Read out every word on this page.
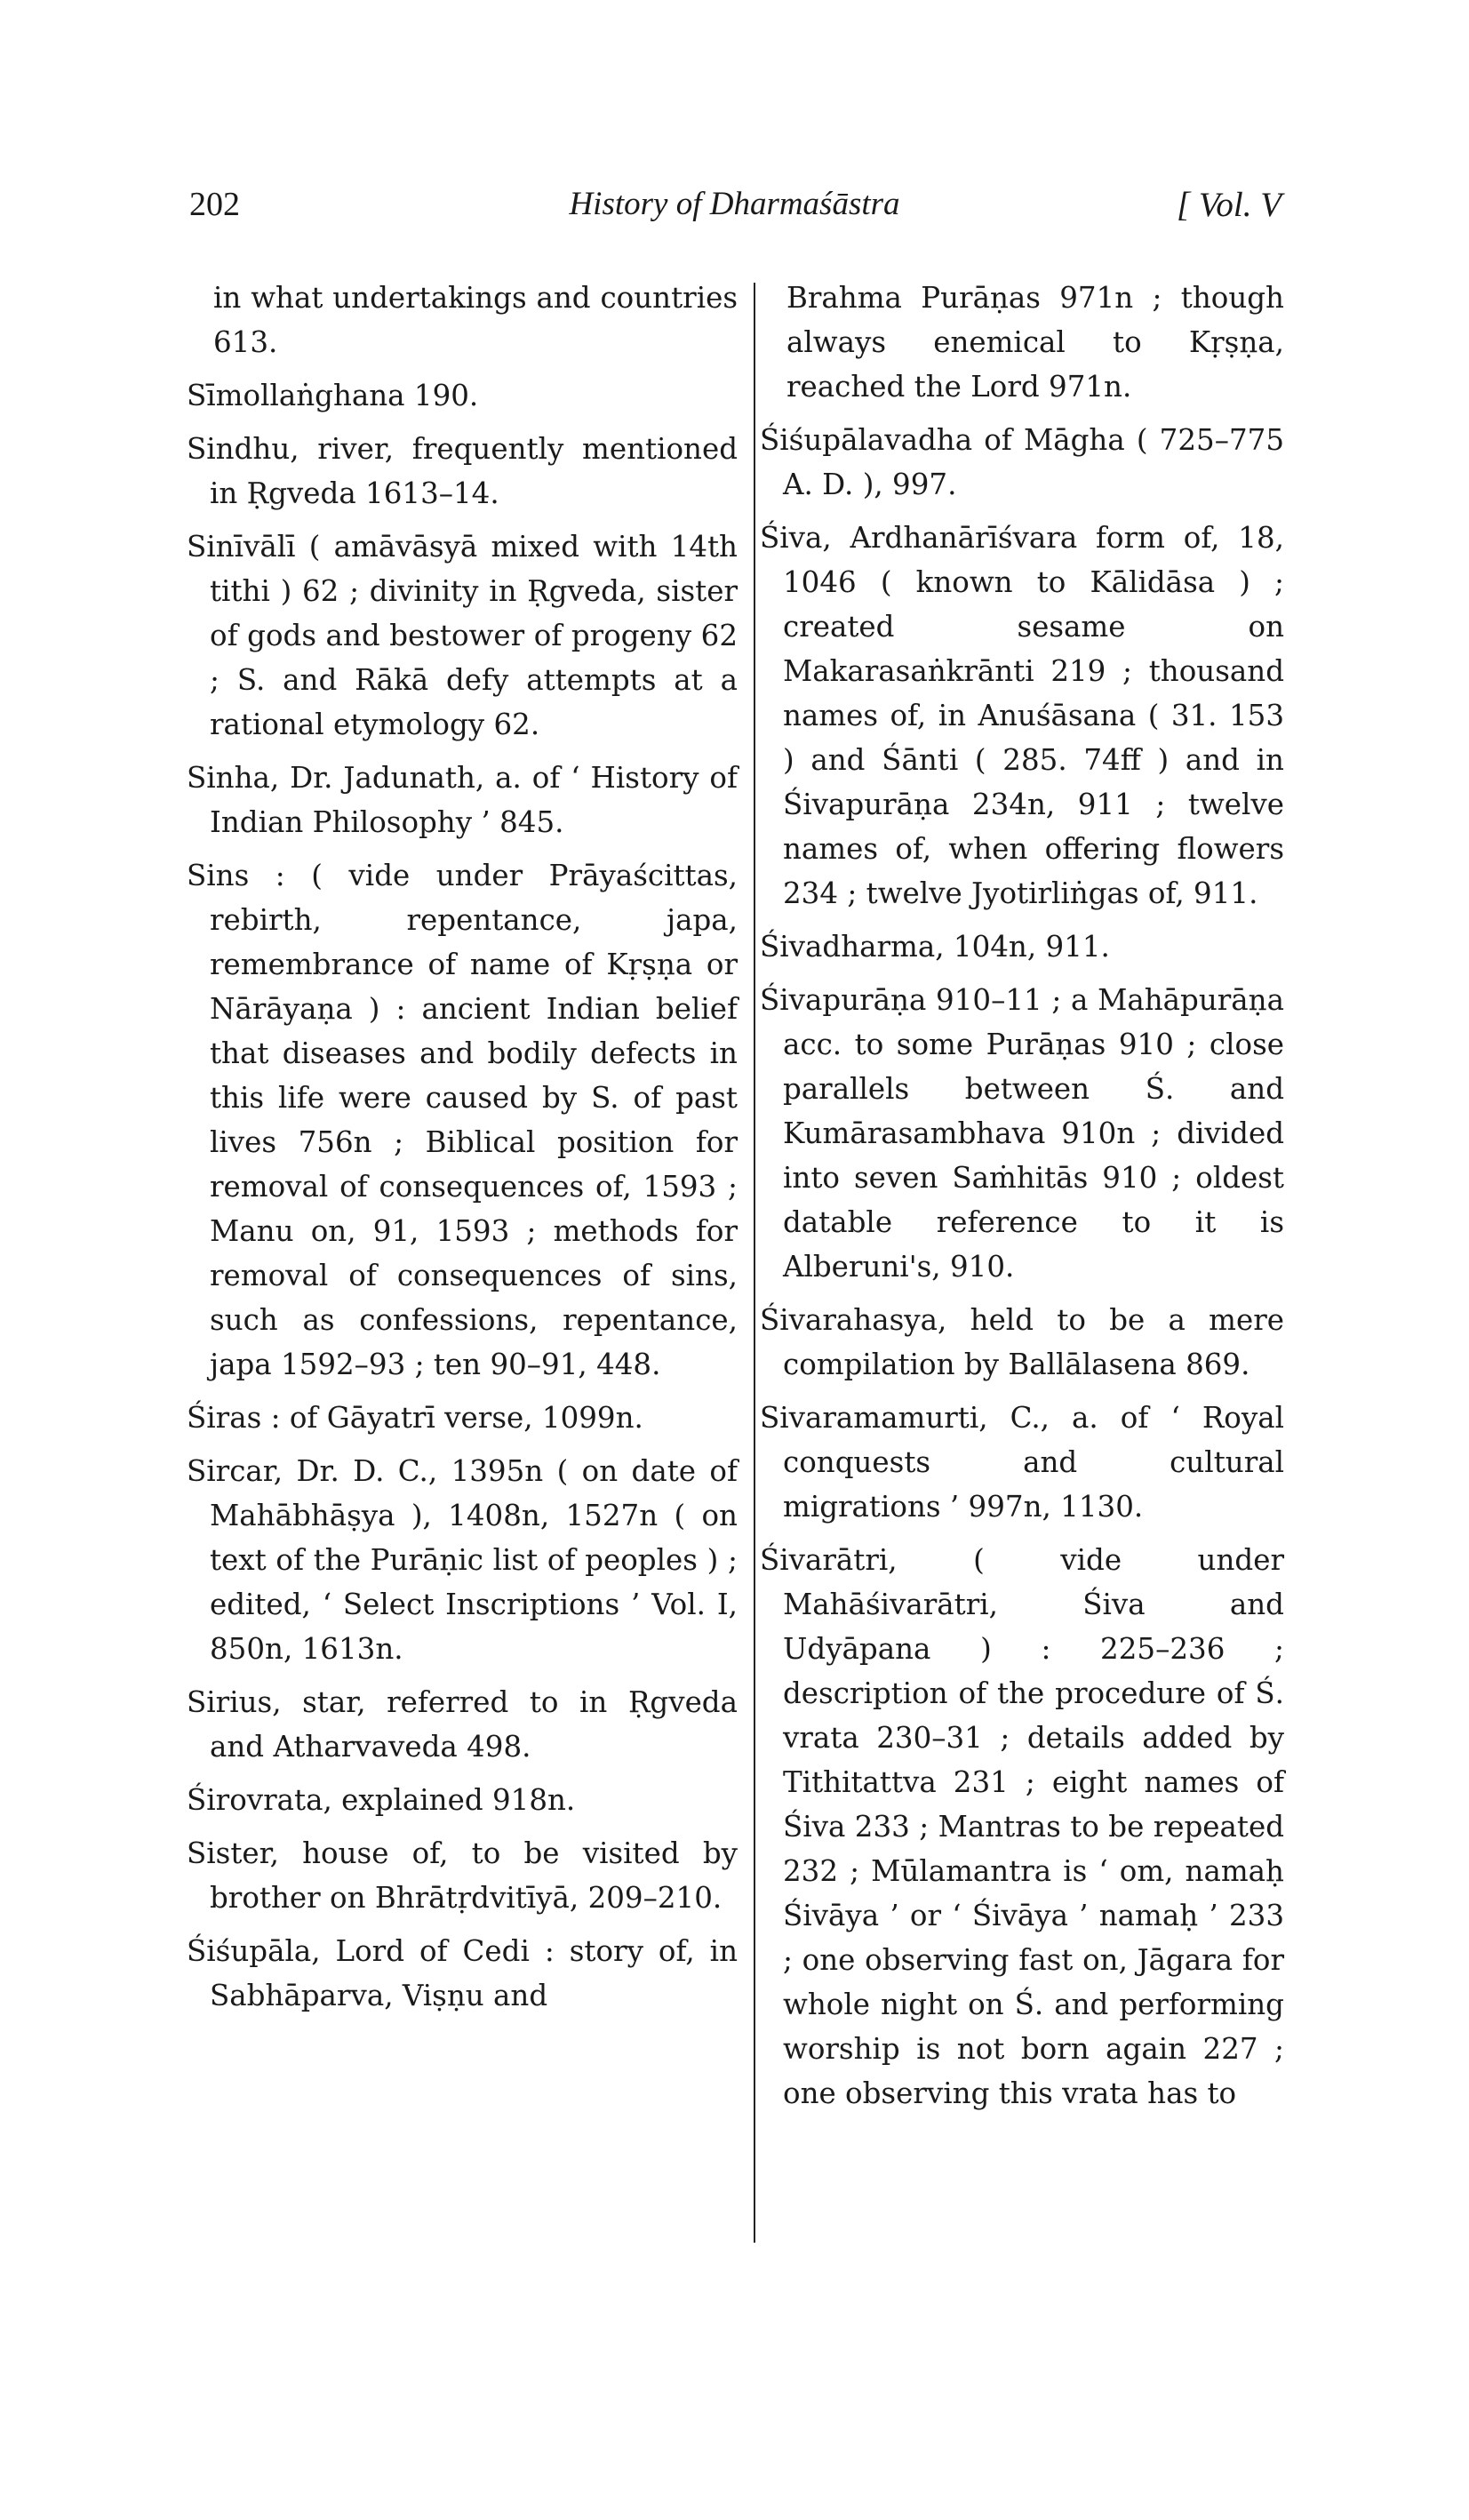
202	History of Dharmaśāstra	[ Vol. V

in what undertakings and countries 613.

Sīmollaṅghana 190.

Sindhu, river, frequently mentioned in Ṛgveda 1613–14.

Sinīvālī ( amāvāsyā mixed with 14th tithi ) 62 ; divinity in Ṛgveda, sister of gods and bestower of progeny 62 ; S. and Rākā defy attempts at a rational etymology 62.

Sinha, Dr. Jadunath, a. of ‘ History of Indian Philosophy ’ 845.

Sins : ( vide under Prāyaścittas, rebirth, repentance, japa, remembrance of name of Kṛṣṇa or Nārāyaṇa ) : ancient Indian belief that diseases and bodily defects in this life were caused by S. of past lives 756n ; Biblical position for removal of consequences of, 1593 ; Manu on, 91, 1593 ; methods for removal of consequences of sins, such as confessions, repentance, japa 1592–93 ; ten 90–91, 448.

Śiras : of Gāyatrī verse, 1099n.

Sircar, Dr. D. C., 1395n ( on date of Mahābhāṣya ), 1408n, 1527n ( on text of the Purāṇic list of peoples ) ; edited, ‘ Select Inscriptions ’ Vol. I, 850n, 1613n.

Sirius, star, referred to in Ṛgveda and Atharvaveda 498.

Śirovrata, explained 918n.

Sister, house of, to be visited by brother on Bhrātṛdvitīyā, 209–210.

Śiśupāla, Lord of Cedi : story of, in Sabhāparva, Viṣṇu and

Brahma Purāṇas 971n ; though always enemical to Kṛṣṇa, reached the Lord 971n.

Śiśupālavadha of Māgha ( 725–775 A. D. ), 997.

Śiva, Ardhanārīśvara form of, 18, 1046 ( known to Kālidāsa ) ; created sesame on Makarasaṅkrānti 219 ; thousand names of, in Anuśāsana ( 31. 153 ) and Śānti ( 285. 74ff ) and in Śivapurāṇa 234n, 911 ; twelve names of, when offering flowers 234 ; twelve Jyotirliṅgas of, 911.

Śivadharma, 104n, 911.

Śivapurāṇa 910–11 ; a Mahāpurāṇa acc. to some Purāṇas 910 ; close parallels between Ś. and Kumārasambhava 910n ; divided into seven Saṁhitās 910 ; oldest datable reference to it is Alberuni's, 910.

Śivarahasya, held to be a mere compilation by Ballālasena 869.

Sivaramamurti, C., a. of ‘ Royal conquests and cultural migrations ’ 997n, 1130.

Śivarātri, ( vide under Mahāśivarātri, Śiva and Udyāpana ) : 225–236 ; description of the procedure of Ś. vrata 230–31 ; details added by Tithitattva 231 ; eight names of Śiva 233 ; Mantras to be repeated 232 ; Mūlamantra is ‘ om, namaḥ Śivāya ’ or ‘ Śivāya ’ namaḥ ’ 233 ; one observing fast on, Jāgara for whole night on Ś. and performing worship is not born again 227 ; one observing this vrata has to
